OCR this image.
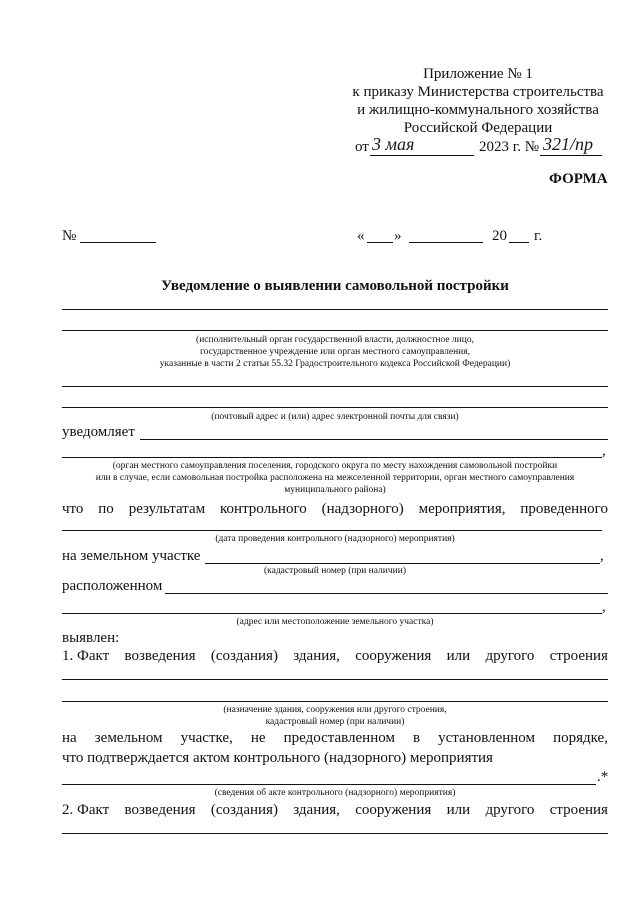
Приложение № 1
к приказу Министерства строительства
и жилищно-коммунального хозяйства
Российской Федерации
от 3 мая	2023 г. № 321/пр
ФОРМА
№	« »	20 г.
Уведомление о выявлении самовольной постройки
(исполнительный орган государственной власти, должностное лицо,
государственное учреждение или орган местного самоуправления,
указанные в части 2 статьи 55.32 Градостроительного кодекса Российской Федерации)
(почтовый адрес и (или) адрес электронной почты для связи)
уведомляет
,
(орган местного самоуправления поселения, городского округа по месту нахождения самовольной постройки
или в случае, если самовольная постройка расположена на межселенной территории, орган местного самоуправления
муниципального района)
что по результатам контрольного (надзорного) мероприятия, проведенного
(дата проведения контрольного (надзорного) мероприятия)
на земельном участке	,
(кадастровый номер (при наличии)
расположенном
,
(адрес или местоположение земельного участка)
выявлен:
1. Факт возведения (создания) здания, сооружения или другого строения
(назначение здания, сооружения или другого строения,
кадастровый номер (при наличии)
на земельном участке, не предоставленном в установленном порядке,
что подтверждается актом контрольного (надзорного) мероприятия
.*
(сведения об акте контрольного (надзорного) мероприятия)
2. Факт возведения (создания) здания, сооружения или другого строения
